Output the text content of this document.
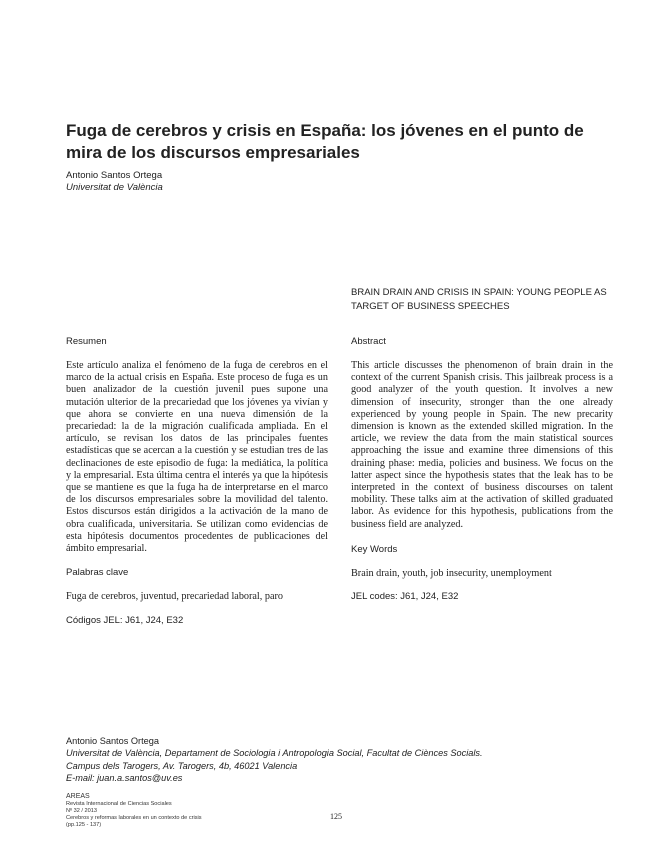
Fuga de cerebros y crisis en España: los jóvenes en el punto de mira de los discursos empresariales
Antonio Santos Ortega
Universitat de València
BRAIN DRAIN AND CRISIS IN SPAIN: YOUNG PEOPLE AS TARGET OF BUSINESS SPEECHES
Resumen	Abstract
Este artículo analiza el fenómeno de la fuga de cerebros en el marco de la actual crisis en España. Este proceso de fuga es un buen analizador de la cuestión juvenil pues supone una mutación ulterior de la precariedad que los jóvenes ya vivían y que ahora se convierte en una nueva dimensión de la precariedad: la de la migración cualificada ampliada. En el artículo, se revisan los datos de las principales fuentes estadísticas que se acercan a la cuestión y se estudian tres de las declinaciones de este episodio de fuga: la mediática, la política y la empresarial. Esta última centra el interés ya que la hipótesis que se mantiene es que la fuga ha de interpretarse en el marco de los discursos empresariales sobre la movilidad del talento. Estos discursos están dirigidos a la activación de la mano de obra cualificada, universitaria. Se utilizan como evidencias de esta hipótesis documentos procedentes de publicaciones del ámbito empresarial.
This article discusses the phenomenon of brain drain in the context of the current Spanish crisis. This jailbreak process is a good analyzer of the youth question. It involves a new dimension of insecurity, stronger than the one already experienced by young people in Spain. The new precarity dimension is known as the extended skilled migration. In the article, we review the data from the main statistical sources approaching the issue and examine three dimensions of this draining phase: media, policies and business. We focus on the latter aspect since the hypothesis states that the leak has to be interpreted in the context of business discourses on talent mobility. These talks aim at the activation of skilled graduated labor. As evidence for this hypothesis, publications from the business field are analyzed.
Palabras clave
Fuga de cerebros, juventud, precariedad laboral, paro
Códigos JEL: J61, J24, E32
Key Words
Brain drain, youth, job insecurity, unemployment
JEL codes: J61, J24, E32
Antonio Santos Ortega
Universitat de València, Departament de Sociologia i Antropologia Social, Facultat de Ciènces Socials.
Campus dels Tarogers, Av. Tarogers, 4b, 46021 Valencia
E-mail: juan.a.santos@uv.es
AREAS
Revista Internacional de Ciencias Sociales
Nº 32 / 2013
Cerebros y reformas laborales en un contexto de crisis
(pp.125 - 137)
125
